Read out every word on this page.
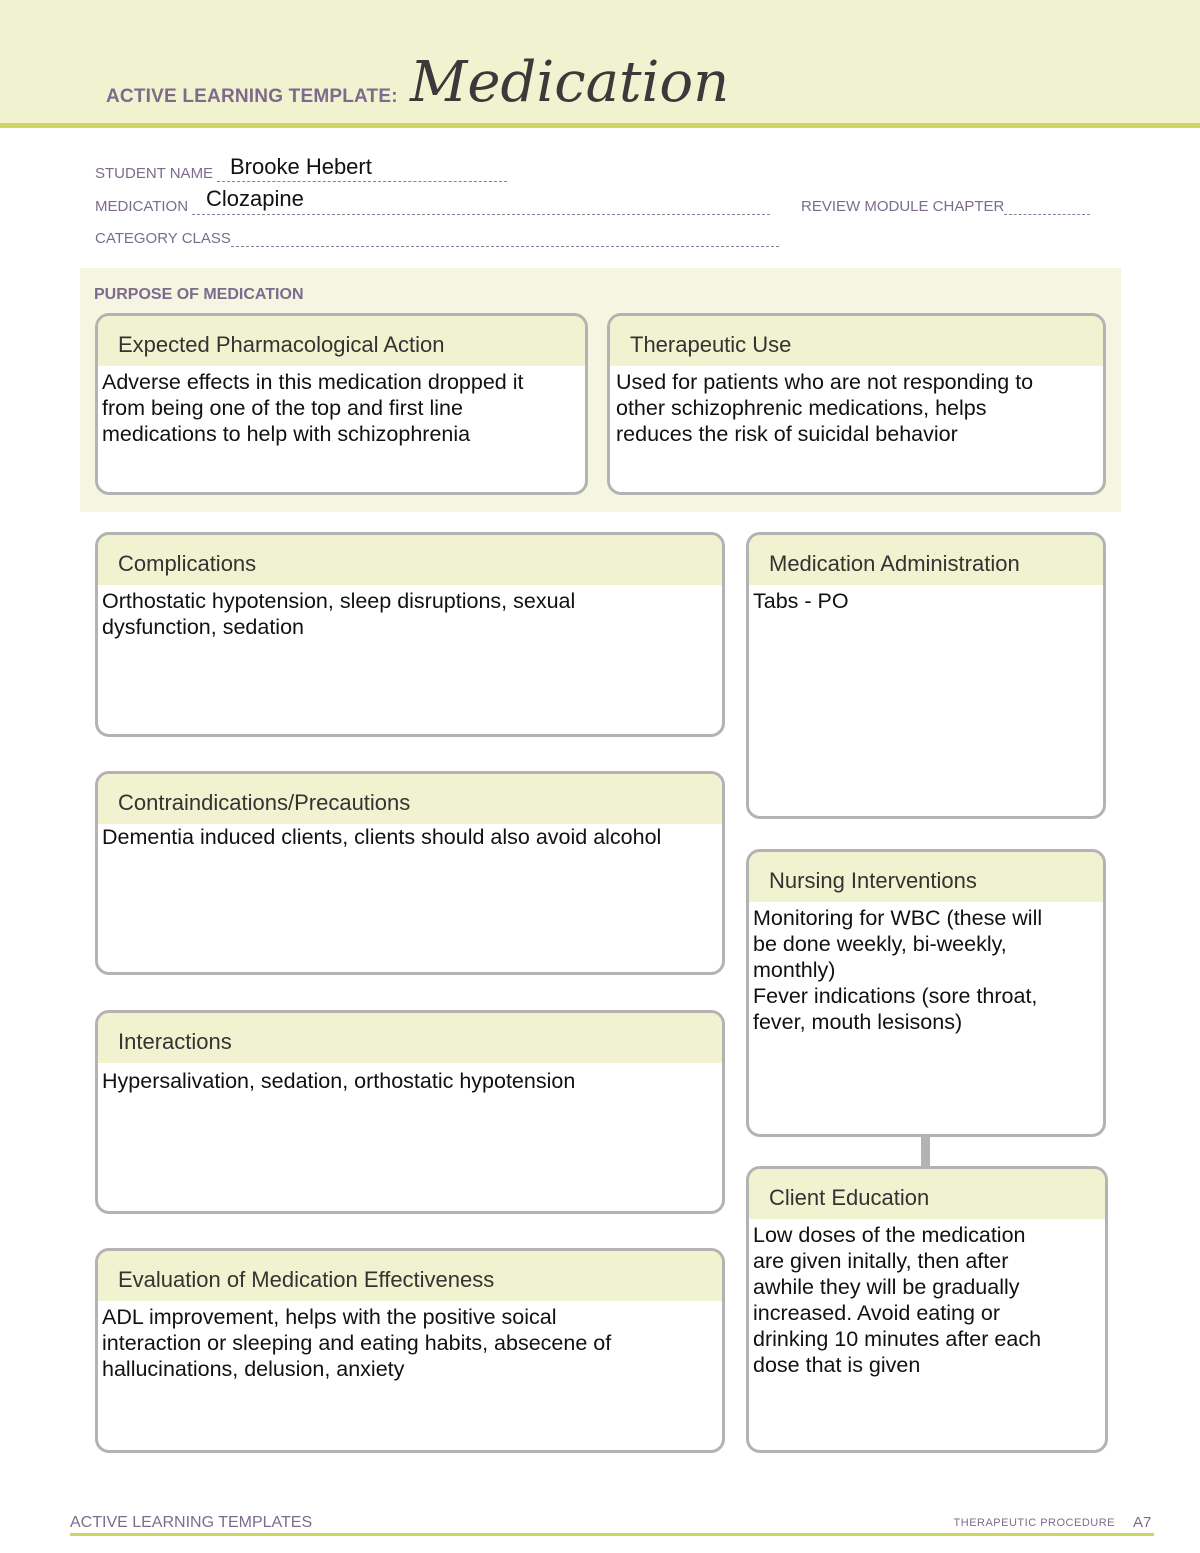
ACTIVE LEARNING TEMPLATE: Medication
STUDENT NAME Brooke Hebert
MEDICATION Clozapine	REVIEW MODULE CHAPTER
CATEGORY CLASS
PURPOSE OF MEDICATION
Expected Pharmacological Action
Adverse effects in this medication dropped it
from being one of the top and first line
medications to help with schizophrenia
Therapeutic Use
Used for patients who are not responding to
other schizophrenic medications, helps
reduces the risk of suicidal behavior
Complications
Orthostatic hypotension, sleep disruptions, sexual
dysfunction, sedation
Medication Administration
Tabs - PO
Contraindications/Precautions
Dementia induced clients, clients should also avoid alcohol
Nursing Interventions
Monitoring for WBC (these will
be done weekly, bi-weekly,
monthly)
Fever indications (sore throat,
fever, mouth lesisons)
Interactions
Hypersalivation, sedation, orthostatic hypotension
Client Education
Low doses of the medication
are given initally, then after
awhile they will be gradually
increased. Avoid eating or
drinking 10 minutes after each
dose that is given
Evaluation of Medication Effectiveness
ADL improvement, helps with the positive soical
interaction or sleeping and eating habits, absecene of
hallucinations, delusion, anxiety
ACTIVE LEARNING TEMPLATES	THERAPEUTIC PROCEDURE A7
